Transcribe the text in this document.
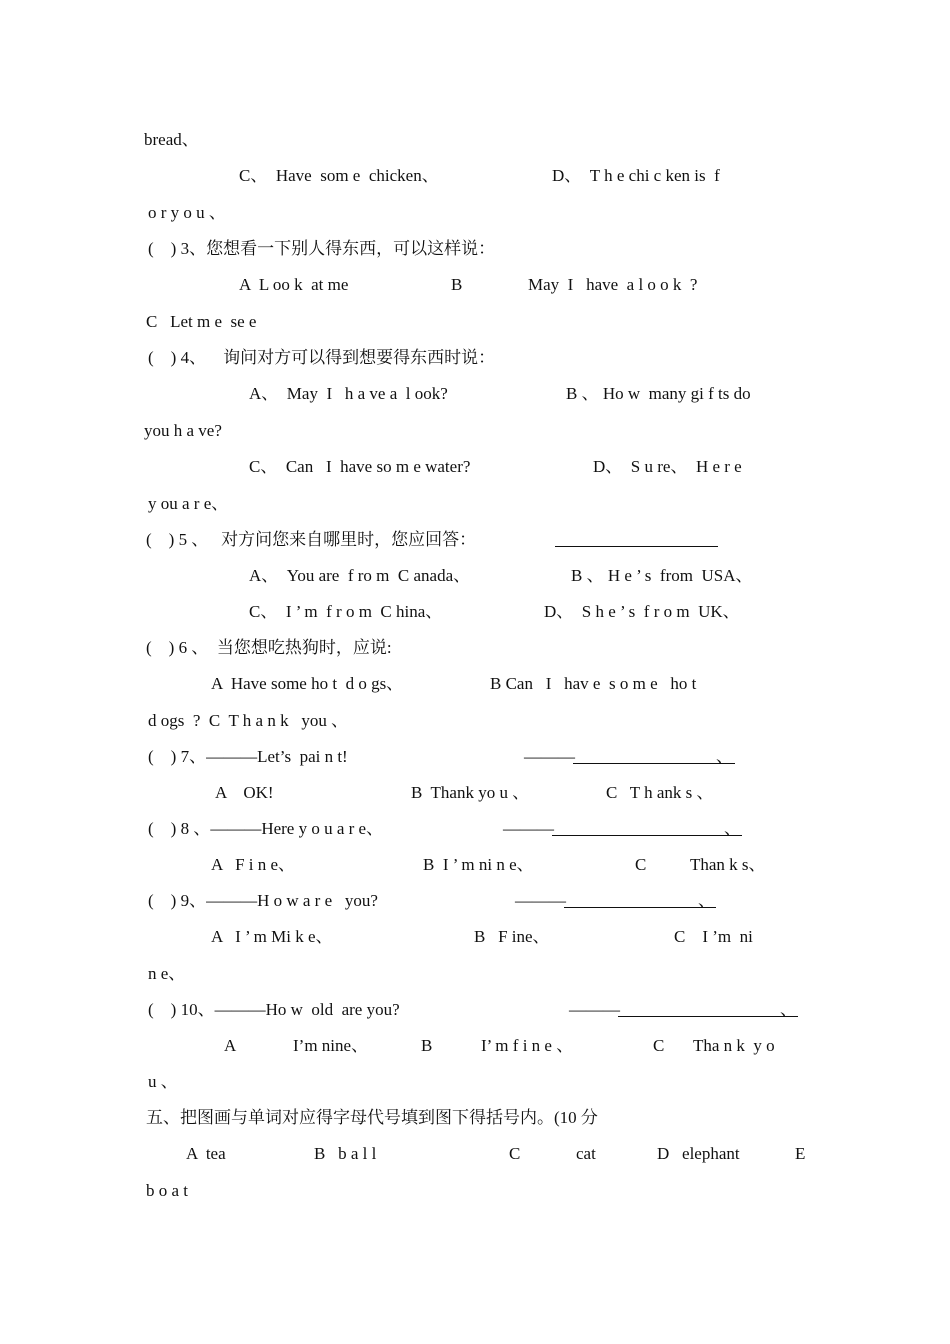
bread、
C、  Have  som e  chicken、	D、  T h e chi c ken is  f
o r y o u 、
(    ) 3、您想看一下别人得东西，可以这样说：
A  L oo k  at me	B	May  I   have  a l o o k  ?
C   Let m e  se e
(    ) 4、    询问对方可以得到想要得东西时说：
A、  May  I   h a ve a  l ook?	B 、 Ho w  many gi f ts do
you h a ve?
C、  Can   I  have so m e water?	D、  S u re、  H e r e
y ou a r e、
(    ) 5 、   对方问您来自哪里时，您应回答：
A、  You are  f ro m  C anada、	B 、 H e ’ s  from  USA、
C、  I ’ m  f r o m  C hina、	D、  S h e ’ s  f r o m  UK、
(    ) 6 、  当您想吃热狗时，应说:
A  Have some ho t  d o gs、	B Can   I   hav e  s o m e   ho t
d ogs  ?  C  T h a n k   you 、
(    ) 7、———Let’s  pai n t!	———	、
A    OK!	B  Thank yo u 、	C   T h ank s 、
(    ) 8 、———Here y o u a r e、	———	、
A   F i n e、	B  I ’ m ni n e、	C	Than k s、
(    ) 9、———H o w a r e   you?	———	、
A   I ’ m Mi k e、	B   F ine、	C    I ’m  ni
n e、
(    ) 10、———Ho w  old  are you?	———	、
A	I’m nine、	B	I’ m f i n e 、	C Tha n k  y o
u 、
五、把图画与单词对应得字母代号填到图下得括号内。(10 分
A  tea	B   b a l l	C	cat	D   elephant	E
b o a t
